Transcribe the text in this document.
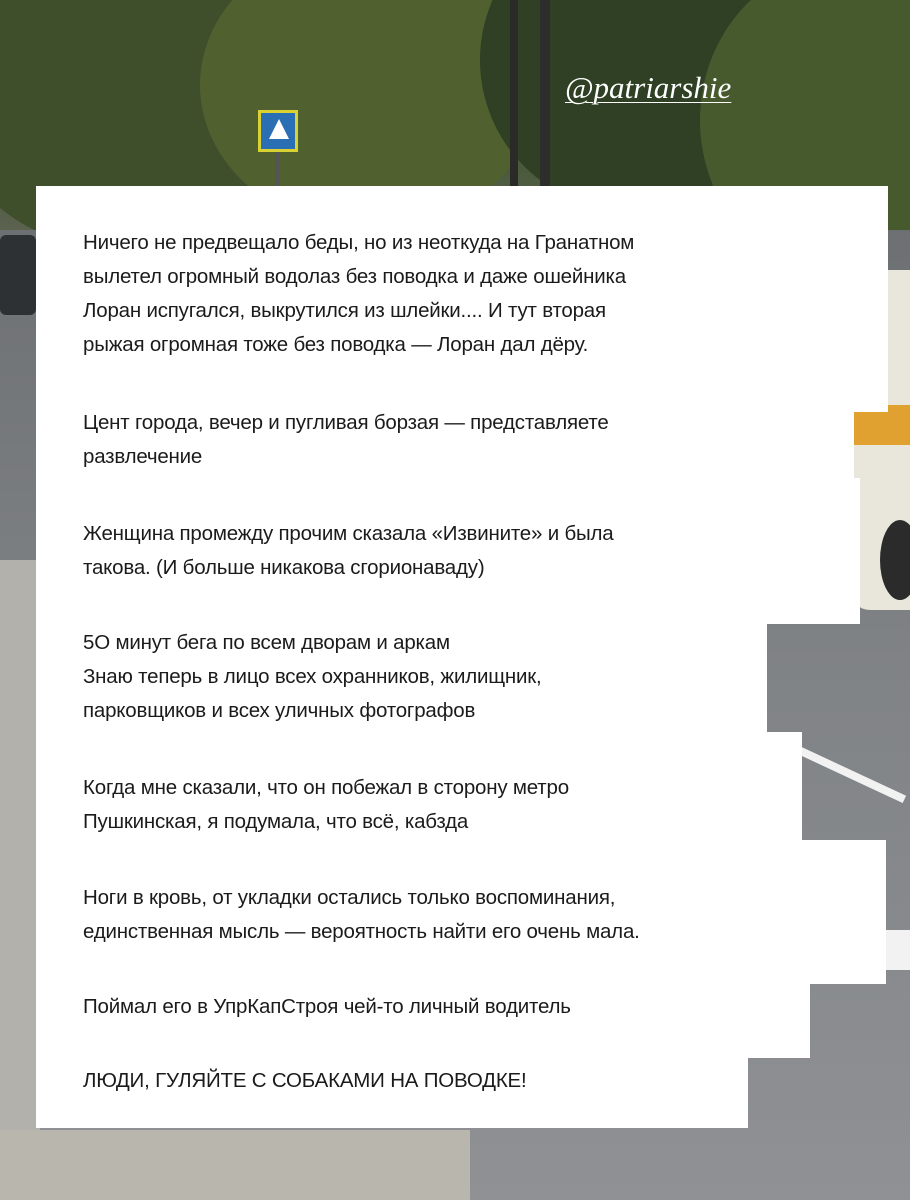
@patriarshie
Ничего не предвещало беды, но из неоткуда на Гранатном
вылетел огромный водолаз без поводка и даже ошейника
Лоран испугался, выкрутился из шлейки.... И тут вторая
рыжая огромная тоже без поводка — Лоран дал дёру.
Цент города, вечер и пугливая борзая — представляете
развлечение
Женщина промежду прочим сказала «Извините» и была
такова. (И больше никакова сгорионаваду)
5О минут бега по всем дворам и аркам
Знаю теперь в лицо всех охранников, жилищник,
парковщиков и всех уличных фотографов
Когда мне сказали, что он побежал в сторону метро
Пушкинская, я подумала, что всё, кабзда
Ноги в кровь, от укладки остались только воспоминания,
единственная мысль — вероятность найти его очень мала.
Поймал его в УпрКапСтроя чей-то личный водитель
ЛЮДИ, ГУЛЯЙТЕ С СОБАКАМИ НА ПОВОДКЕ!
